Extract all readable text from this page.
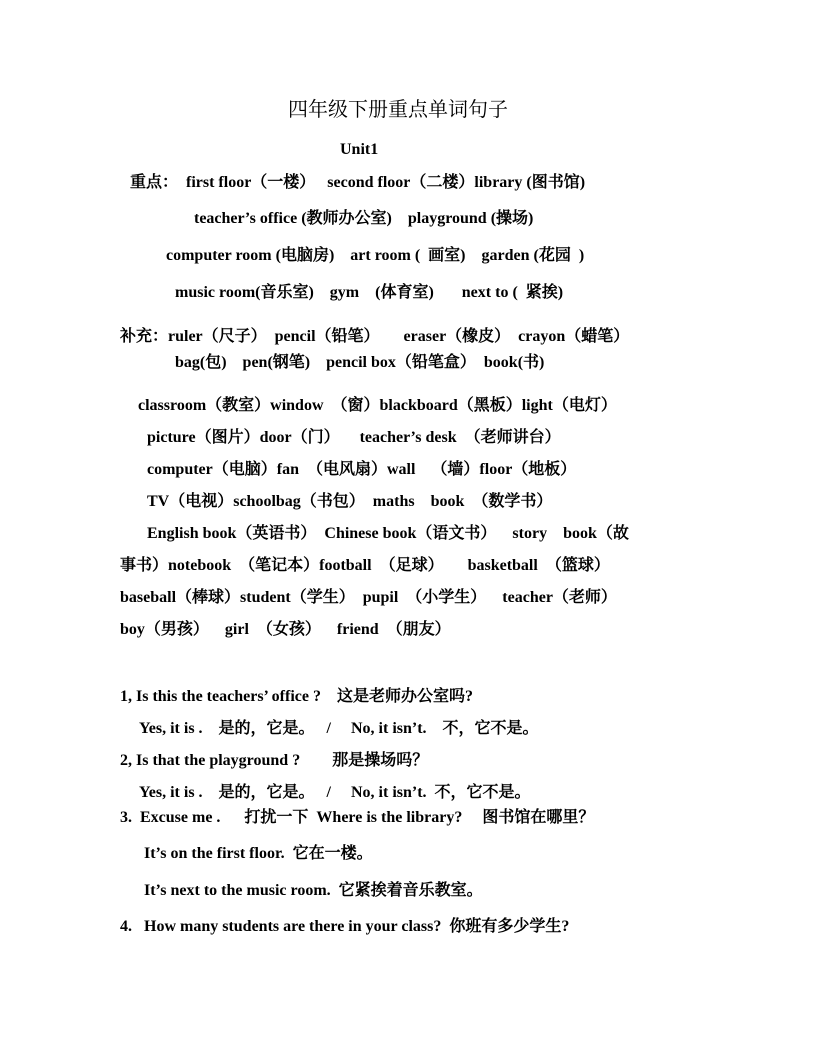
四年级下册重点单词句子
Unit1
重点：  first floor（一楼）   second floor（二楼）library (图书馆)
teacher’s office (教师办公室)    playground (操场)
computer room (电脑房)    art room (  画室)    garden (花园  )
music room(音乐室)    gym    (体育室)       next to (  紧挨)
补充：ruler（尺子）  pencil（铅笔）      eraser（橡皮）  crayon（蜡笔）
bag(包)    pen(钢笔)    pencil box（铅笔盒）  book(书)
classroom（教室）window  （窗）blackboard（黑板）light（电灯）
picture（图片）door（门）     teacher’s desk  （老师讲台）
computer（电脑）fan  （电风扇）wall    （墙）floor（地板）
TV（电视）schoolbag（书包）  maths    book  （数学书）
English book（英语书）  Chinese book（语文书）    story    book（故
事书）notebook  （笔记本）football  （足球）      basketball  （篮球）
baseball（棒球）student（学生）  pupil  （小学生）    teacher（老师）
boy（男孩）    girl  （女孩）    friend  （朋友）
1, Is this the teachers’ office ?    这是老师办公室吗?
Yes, it is .    是的，它是。   /     No, it isn’t.    不，它不是。
2, Is that the playground ?        那是操场吗？
Yes, it is .    是的，它是。   /     No, it isn’t.  不，它不是。
3.  Excuse me .      打扰一下  Where is the library?     图书馆在哪里？
It’s on the first floor.  它在一楼。
It’s next to the music room.  它紧挨着音乐教室。
4.   How many students are there in your class?  你班有多少学生?
